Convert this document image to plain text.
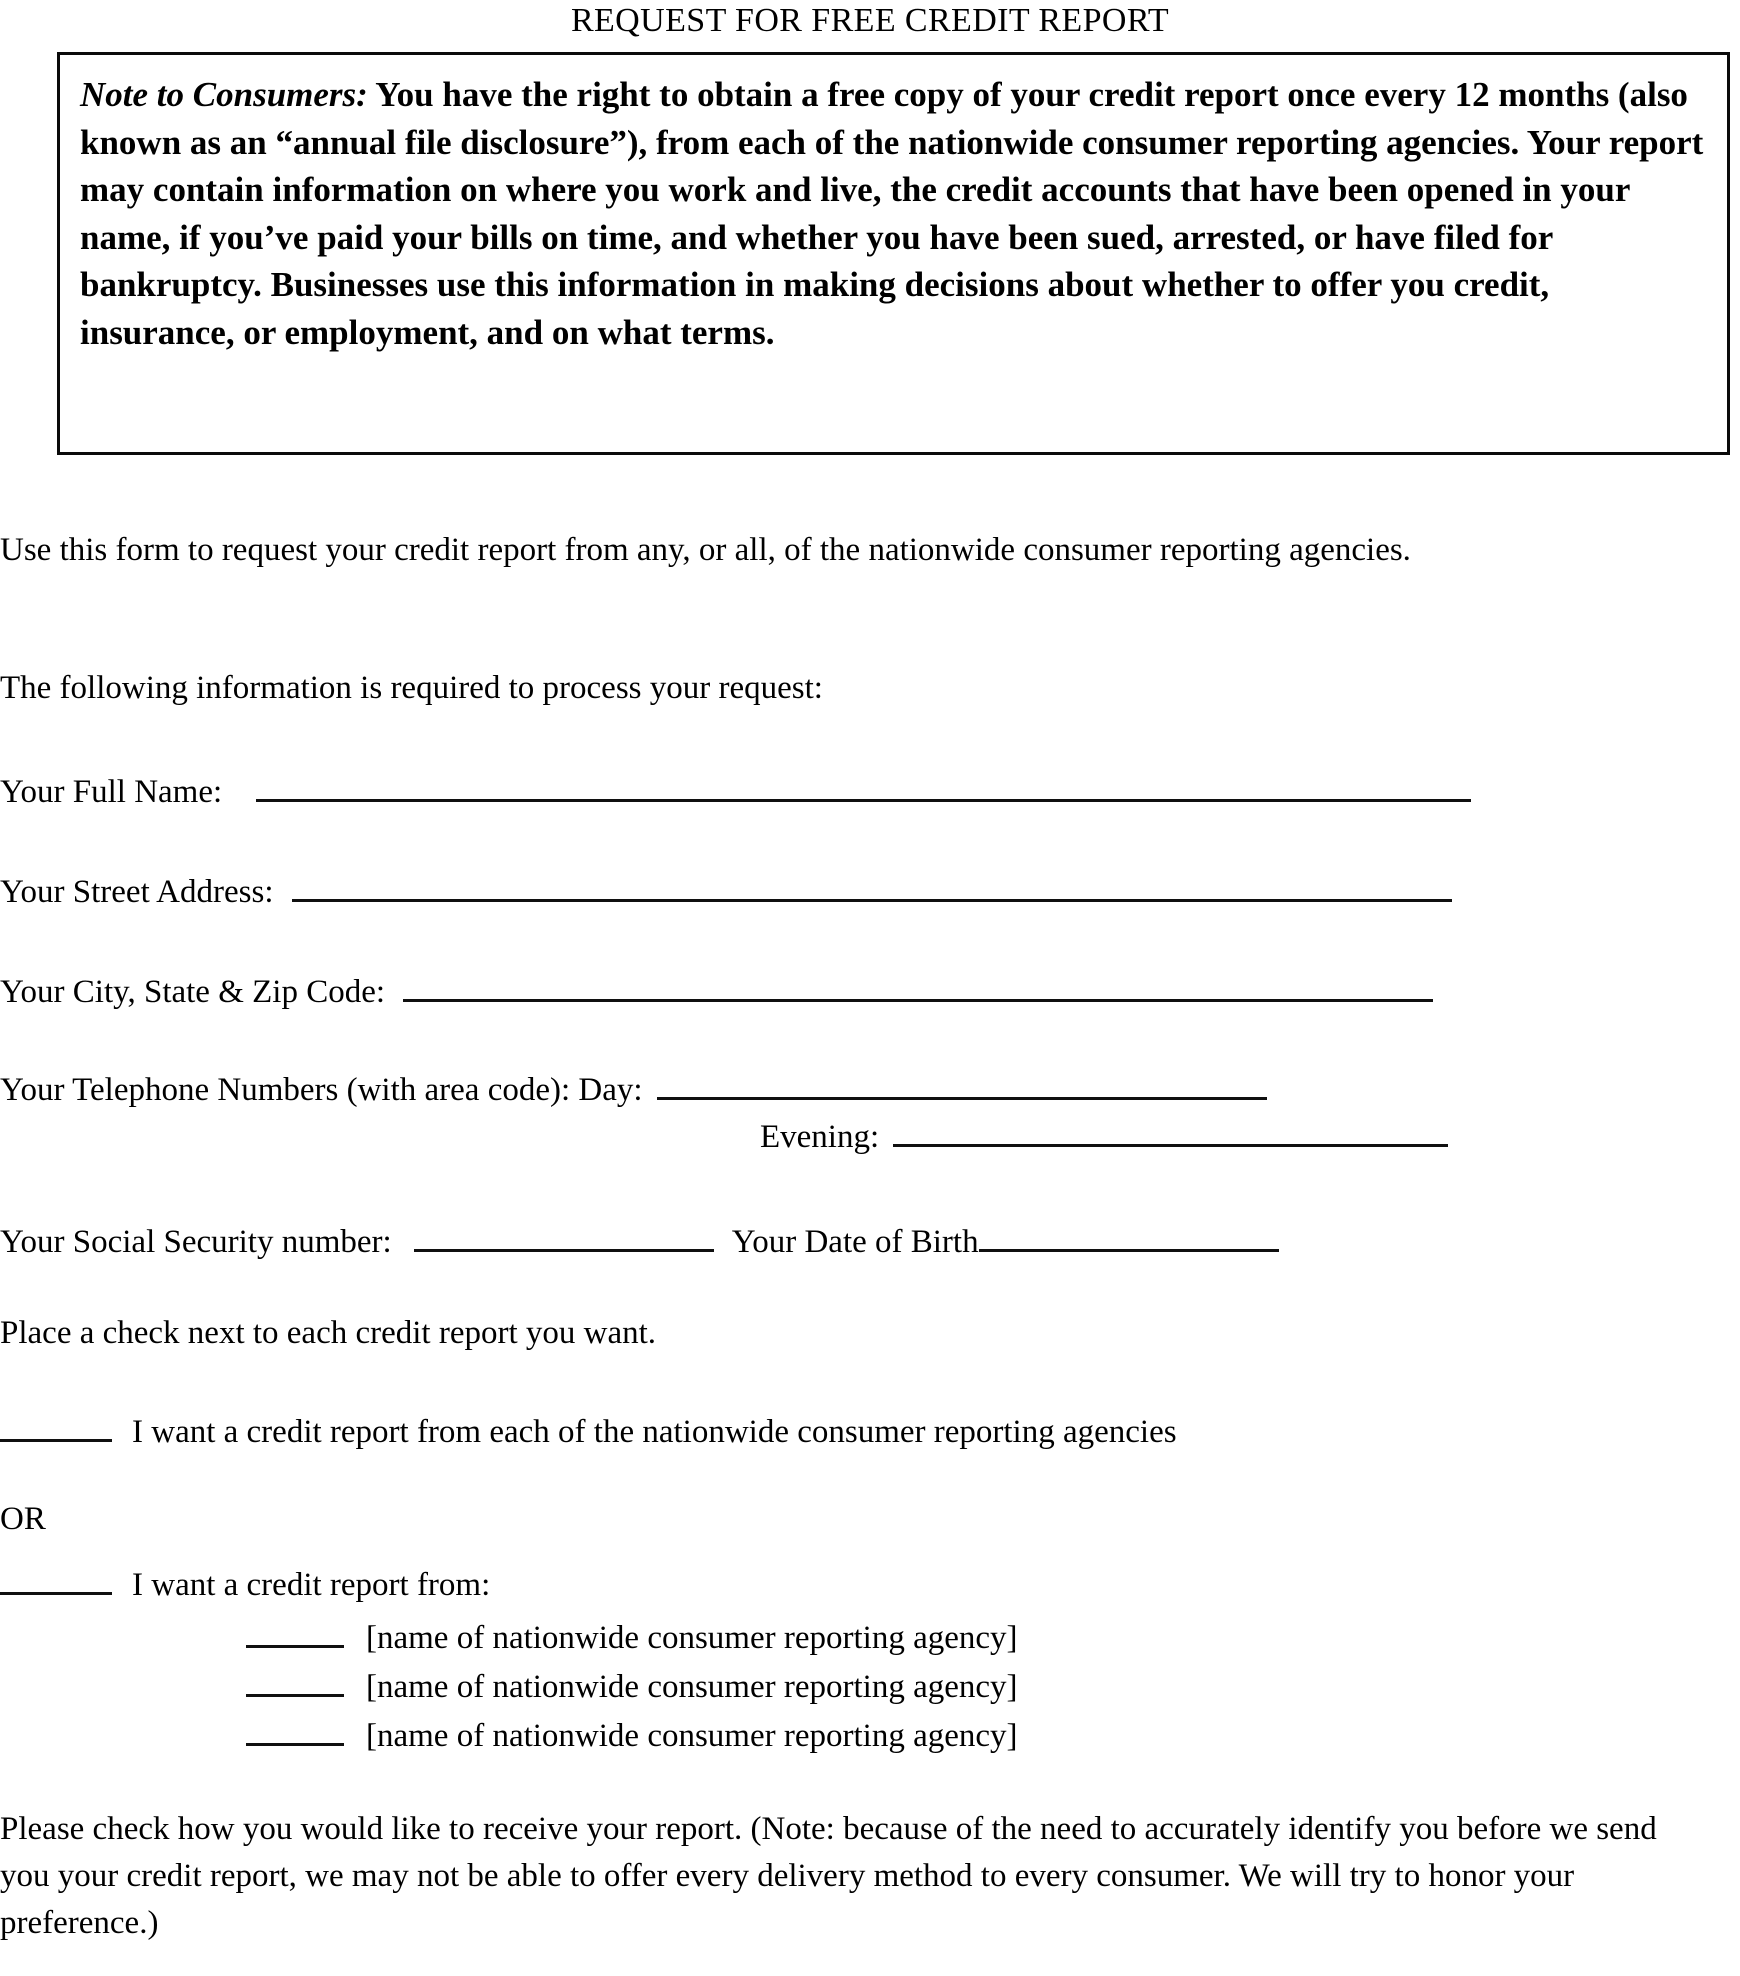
REQUEST FOR FREE CREDIT REPORT
Note to Consumers: You have the right to obtain a free copy of your credit report once every 12 months (also known as an “annual file disclosure”), from each of the nationwide consumer reporting agencies. Your report may contain information on where you work and live, the credit accounts that have been opened in your name, if you’ve paid your bills on time, and whether you have been sued, arrested, or have filed for bankruptcy. Businesses use this information in making decisions about whether to offer you credit, insurance, or employment, and on what terms.
Use this form to request your credit report from any, or all, of the nationwide consumer reporting agencies.
The following information is required to process your request:
Your Full Name:
Your Street Address:
Your City, State & Zip Code:
Your Telephone Numbers (with area code): Day:
Evening:
Your Social Security number:	Your Date of Birth
Place a check next to each credit report you want.
I want a credit report from each of the nationwide consumer reporting agencies
OR
I want a credit report from:
[name of nationwide consumer reporting agency]
[name of nationwide consumer reporting agency]
[name of nationwide consumer reporting agency]
Please check how you would like to receive your report. (Note: because of the need to accurately identify you before we send you your credit report, we may not be able to offer every delivery method to every consumer. We will try to honor your preference.)
